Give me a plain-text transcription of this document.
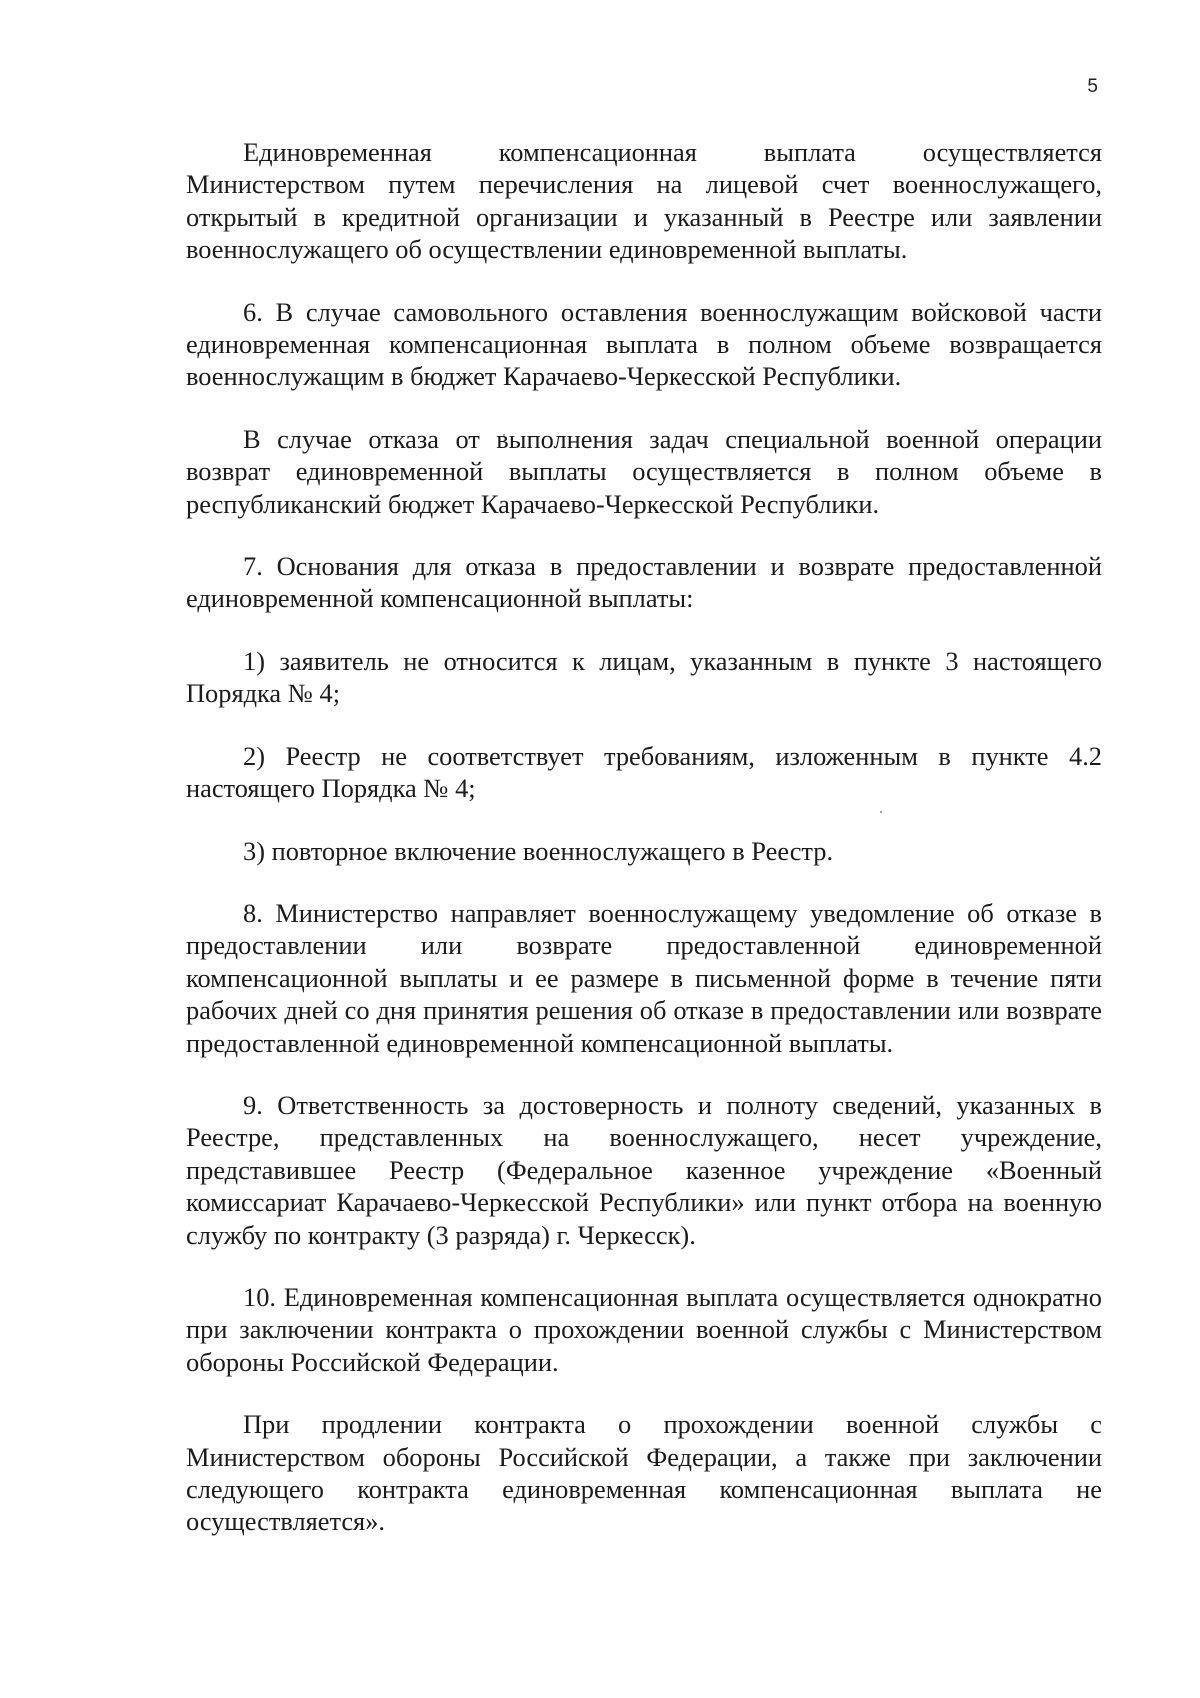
5

Единовременная компенсационная выплата осуществляется Министерством путем перечисления на лицевой счет военнослужащего, открытый в кредитной организации и указанный в Реестре или заявлении военнослужащего об осуществлении единовременной выплаты.

6. В случае самовольного оставления военнослужащим войсковой части единовременная компенсационная выплата в полном объеме возвращается военнослужащим в бюджет Карачаево-Черкесской Республики.

В случае отказа от выполнения задач специальной военной операции возврат единовременной выплаты осуществляется в полном объеме в республиканский бюджет Карачаево-Черкесской Республики.

7. Основания для отказа в предоставлении и возврате предоставленной единовременной компенсационной выплаты:

1) заявитель не относится к лицам, указанным в пункте 3 настоящего Порядка № 4;

2) Реестр не соответствует требованиям, изложенным в пункте 4.2 настоящего Порядка № 4;

3) повторное включение военнослужащего в Реестр.

8. Министерство направляет военнослужащему уведомление об отказе в предоставлении или возврате предоставленной единовременной компенсационной выплаты и ее размере в письменной форме в течение пяти рабочих дней со дня принятия решения об отказе в предоставлении или возврате предоставленной единовременной компенсационной выплаты.

9. Ответственность за достоверность и полноту сведений, указанных в Реестре, представленных на военнослужащего, несет учреждение, представившее Реестр (Федеральное казенное учреждение «Военный комиссариат Карачаево-Черкесской Республики» или пункт отбора на военную службу по контракту (3 разряда) г. Черкесск).

10. Единовременная компенсационная выплата осуществляется однократно при заключении контракта о прохождении военной службы с Министерством обороны Российской Федерации.

При продлении контракта о прохождении военной службы с Министерством обороны Российской Федерации, а также при заключении следующего контракта единовременная компенсационная выплата не осуществляется».
